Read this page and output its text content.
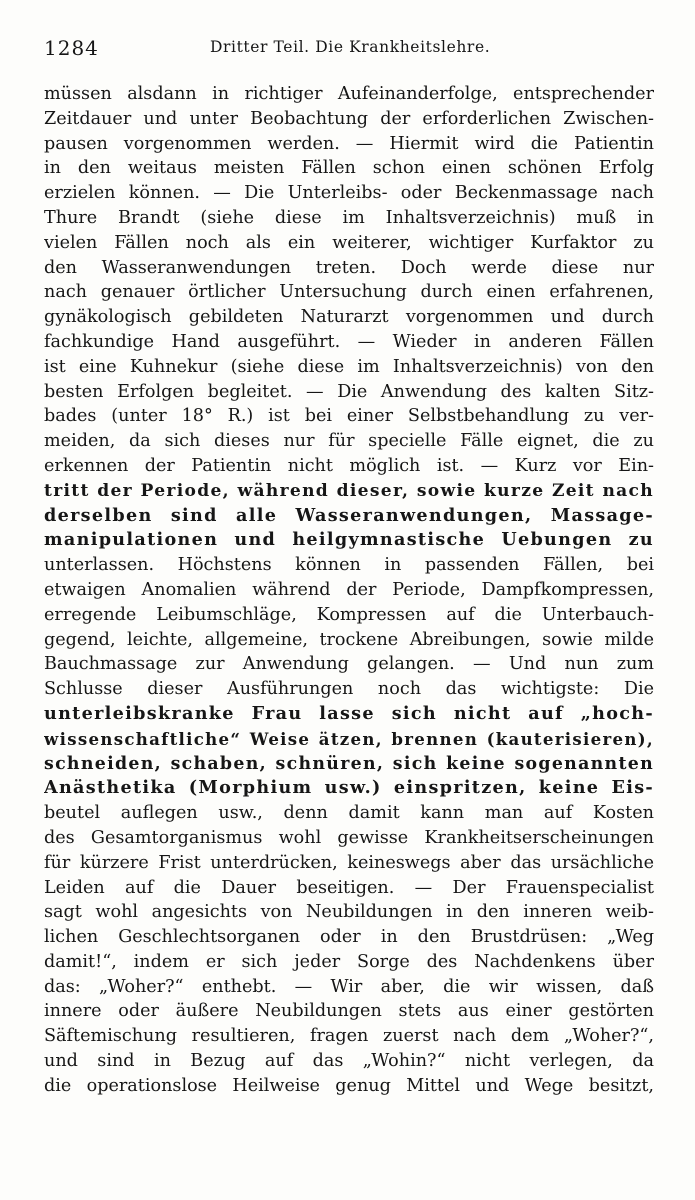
1284	Dritter Teil. Die Krankheitslehre.
müssen alsdann in richtiger Aufeinanderfolge, entsprechender
Zeitdauer und unter Beobachtung der erforderlichen Zwischen-
pausen vorgenommen werden. — Hiermit wird die Patientin
in den weitaus meisten Fällen schon einen schönen Erfolg
erzielen können. — Die Unterleibs- oder Beckenmassage nach
Thure Brandt (siehe diese im Inhaltsverzeichnis) muß in
vielen Fällen noch als ein weiterer, wichtiger Kurfaktor zu
den Wasseranwendungen treten. Doch werde diese nur
nach genauer örtlicher Untersuchung durch einen erfahrenen,
gynäkologisch gebildeten Naturarzt vorgenommen und durch
fachkundige Hand ausgeführt. — Wieder in anderen Fällen
ist eine Kuhnekur (siehe diese im Inhaltsverzeichnis) von den
besten Erfolgen begleitet. — Die Anwendung des kalten Sitz-
bades (unter 18° R.) ist bei einer Selbstbehandlung zu ver-
meiden, da sich dieses nur für specielle Fälle eignet, die zu
erkennen der Patientin nicht möglich ist. — Kurz vor Ein-
tritt der Periode, während dieser, sowie kurze Zeit nach
derselben sind alle Wasseranwendungen, Massage-
manipulationen und heilgymnastische Uebungen zu
unterlassen. Höchstens können in passenden Fällen, bei
etwaigen Anomalien während der Periode, Dampfkompressen,
erregende Leibumschläge, Kompressen auf die Unterbauch-
gegend, leichte, allgemeine, trockene Abreibungen, sowie milde
Bauchmassage zur Anwendung gelangen. — Und nun zum
Schlusse dieser Ausführungen noch das wichtigste: Die
unterleibskranke Frau lasse sich nicht auf „hoch-
wissenschaftliche“ Weise ätzen, brennen (kauterisieren),
schneiden, schaben, schnüren, sich keine sogenannten
Anästhetika (Morphium usw.) einspritzen, keine Eis-
beutel auflegen usw., denn damit kann man auf Kosten
des Gesamtorganismus wohl gewisse Krankheitserscheinungen
für kürzere Frist unterdrücken, keineswegs aber das ursächliche
Leiden auf die Dauer beseitigen. — Der Frauenspecialist
sagt wohl angesichts von Neubildungen in den inneren weib-
lichen Geschlechtsorganen oder in den Brustdrüsen: „Weg
damit!“, indem er sich jeder Sorge des Nachdenkens über
das: „Woher?“ enthebt. — Wir aber, die wir wissen, daß
innere oder äußere Neubildungen stets aus einer gestörten
Säftemischung resultieren, fragen zuerst nach dem „Woher?“,
und sind in Bezug auf das „Wohin?“ nicht verlegen, da
die operationslose Heilweise genug Mittel und Wege besitzt,
